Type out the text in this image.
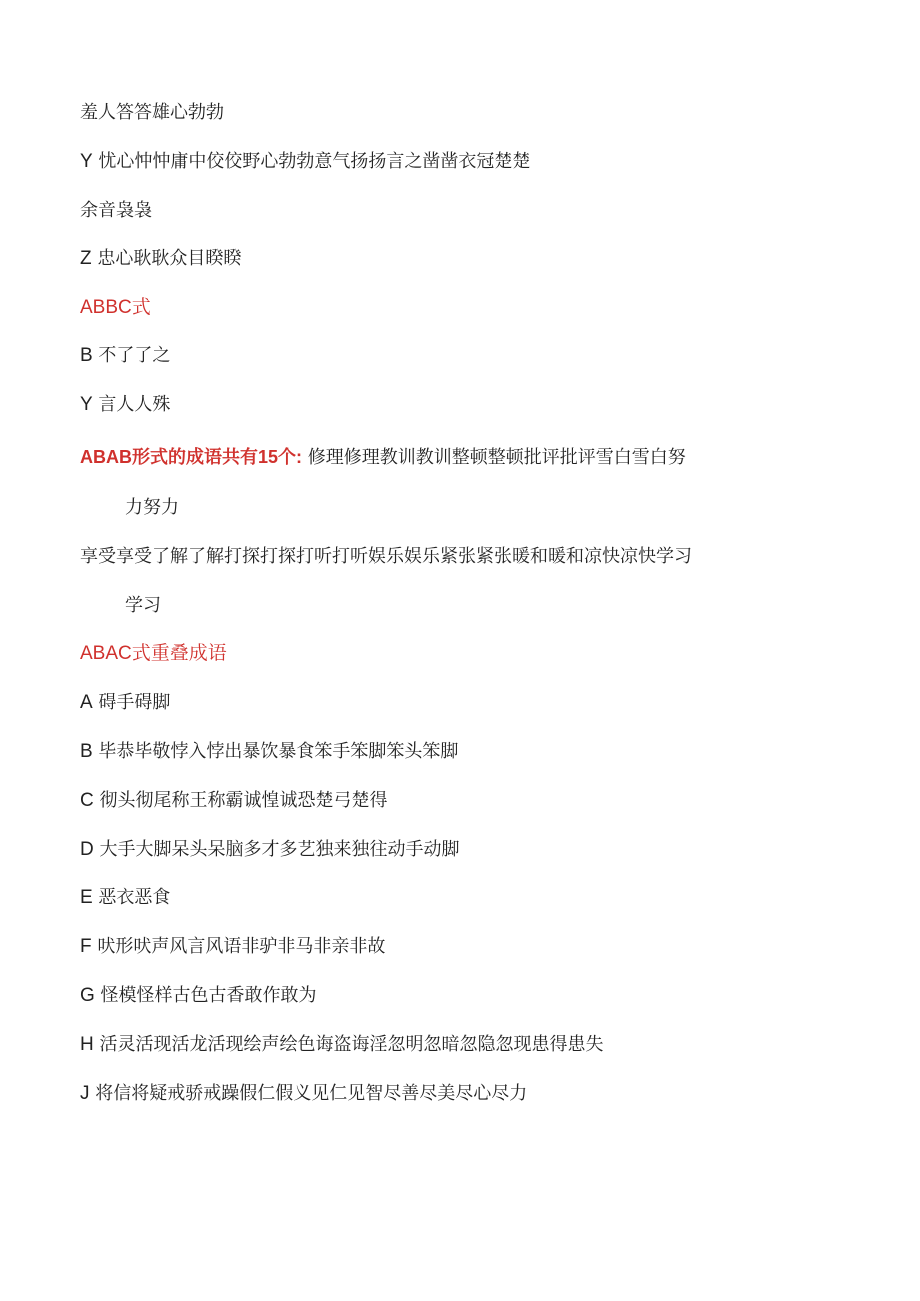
羞人答答雄心勃勃
Y 忧心忡忡庸中佼佼野心勃勃意气扬扬言之凿凿衣冠楚楚
余音袅袅
Z 忠心耿耿众目睽睽
ABBC式
B 不了了之
Y 言人人殊
ABAB形式的成语共有15个: 修理修理教训教训整顿整顿批评批评雪白雪白努
力努力
享受享受了解了解打探打探打听打听娱乐娱乐紧张紧张暖和暖和凉快凉快学习
学习
ABAC式重叠成语
A 碍手碍脚
B 毕恭毕敬悖入悖出暴饮暴食笨手笨脚笨头笨脚
C 彻头彻尾称王称霸诚惶诚恐楚弓楚得
D 大手大脚呆头呆脑多才多艺独来独往动手动脚
E 恶衣恶食
F 吠形吠声风言风语非驴非马非亲非故
G 怪模怪样古色古香敢作敢为
H 活灵活现活龙活现绘声绘色诲盗诲淫忽明忽暗忽隐忽现患得患失
J 将信将疑戒骄戒躁假仁假义见仁见智尽善尽美尽心尽力
